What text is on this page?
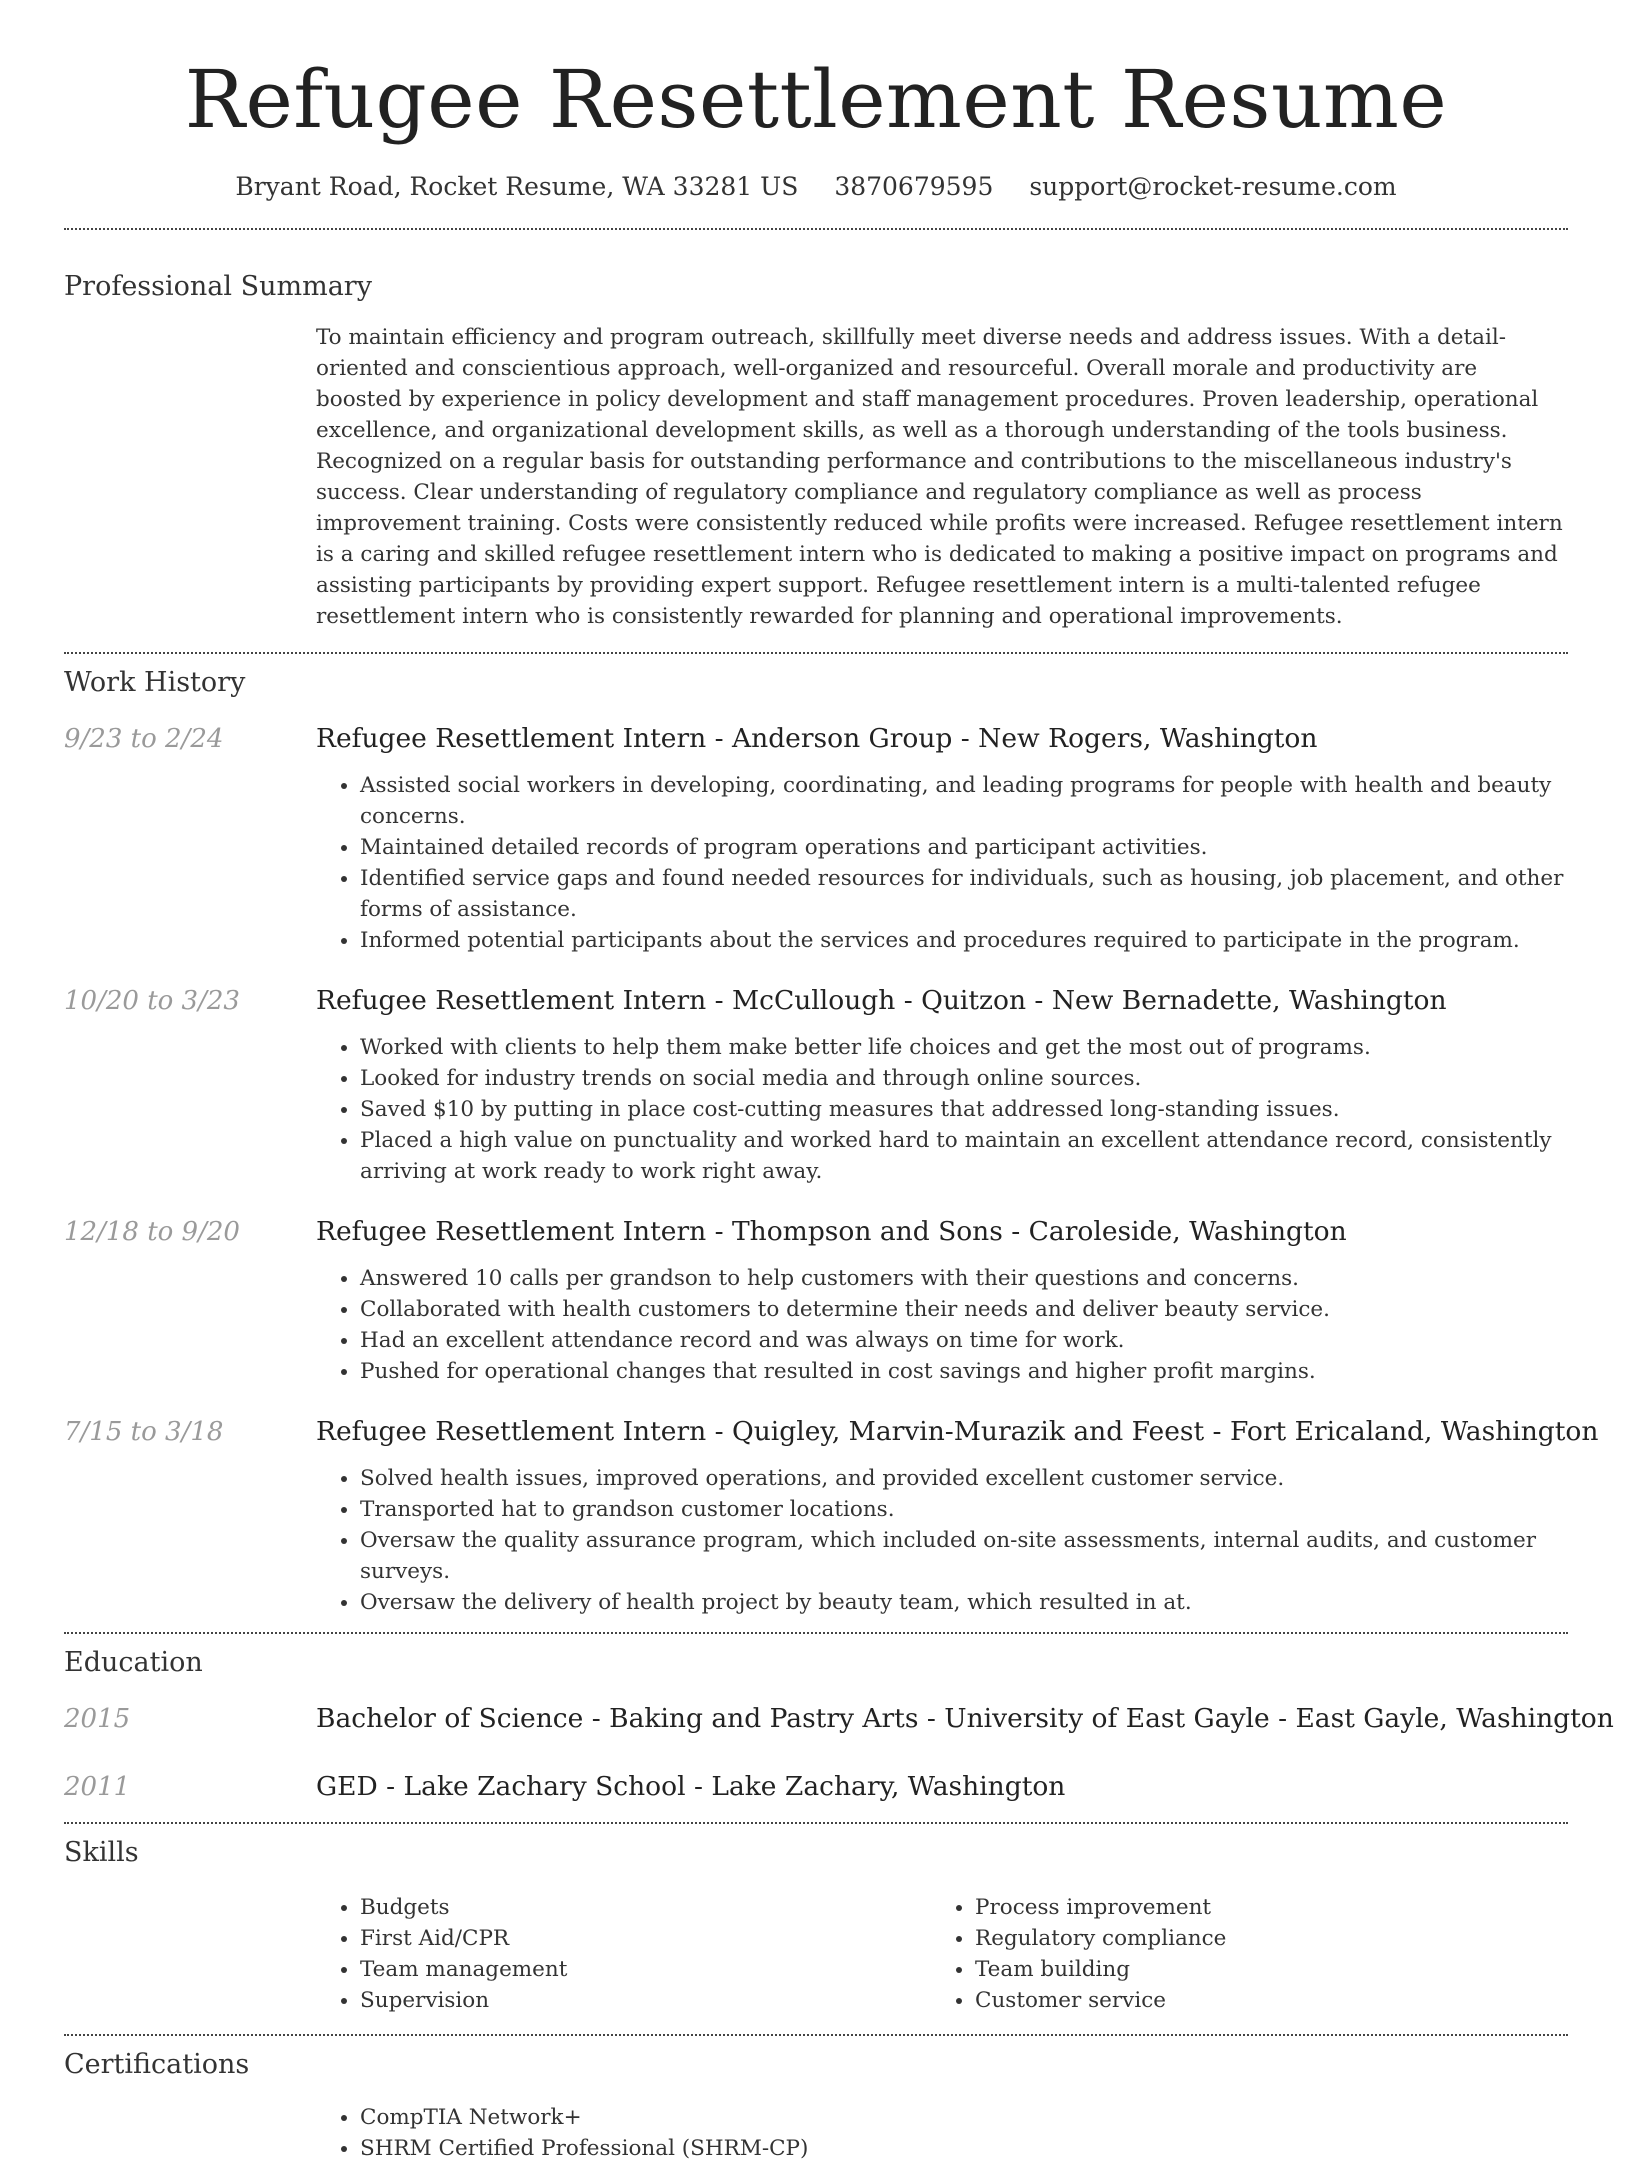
Refugee Resettlement Resume
Bryant Road, Rocket Resume, WA 33281 US 3870679595 support@rocket-resume.com
Professional Summary

To maintain efficiency and program outreach, skillfully meet diverse needs and address issues. With a detail-oriented and conscientious approach, well-organized and resourceful. Overall morale and productivity are boosted by experience in policy development and staff management procedures. Proven leadership, operational excellence, and organizational development skills, as well as a thorough understanding of the tools business. Recognized on a regular basis for outstanding performance and contributions to the miscellaneous industry's success. Clear understanding of regulatory compliance and regulatory compliance as well as process improvement training. Costs were consistently reduced while profits were increased. Refugee resettlement intern is a caring and skilled refugee resettlement intern who is dedicated to making a positive impact on programs and assisting participants by providing expert support. Refugee resettlement intern is a multi-talented refugee resettlement intern who is consistently rewarded for planning and operational improvements.

Work History
9/23 to 2/24	Refugee Resettlement Intern - Anderson Group - New Rogers, Washington
• Assisted social workers in developing, coordinating, and leading programs for people with health and beauty concerns.
• Maintained detailed records of program operations and participant activities.
• Identified service gaps and found needed resources for individuals, such as housing, job placement, and other forms of assistance.
• Informed potential participants about the services and procedures required to participate in the program.
10/20 to 3/23	Refugee Resettlement Intern - McCullough - Quitzon - New Bernadette, Washington
• Worked with clients to help them make better life choices and get the most out of programs.
• Looked for industry trends on social media and through online sources.
• Saved $10 by putting in place cost-cutting measures that addressed long-standing issues.
• Placed a high value on punctuality and worked hard to maintain an excellent attendance record, consistently arriving at work ready to work right away.
12/18 to 9/20	Refugee Resettlement Intern - Thompson and Sons - Caroleside, Washington
• Answered 10 calls per grandson to help customers with their questions and concerns.
• Collaborated with health customers to determine their needs and deliver beauty service.
• Had an excellent attendance record and was always on time for work.
• Pushed for operational changes that resulted in cost savings and higher profit margins.
7/15 to 3/18	Refugee Resettlement Intern - Quigley, Marvin-Murazik and Feest - Fort Ericaland, Washington
• Solved health issues, improved operations, and provided excellent customer service.
• Transported hat to grandson customer locations.
• Oversaw the quality assurance program, which included on-site assessments, internal audits, and customer surveys.
• Oversaw the delivery of health project by beauty team, which resulted in at.
Education
2015	Bachelor of Science - Baking and Pastry Arts - University of East Gayle - East Gayle, Washington
2011	GED - Lake Zachary School - Lake Zachary, Washington
Skills
• Budgets
• First Aid/CPR
• Team management
• Supervision
• Process improvement
• Regulatory compliance
• Team building
• Customer service
Certifications
• CompTIA Network+
• SHRM Certified Professional (SHRM-CP)
